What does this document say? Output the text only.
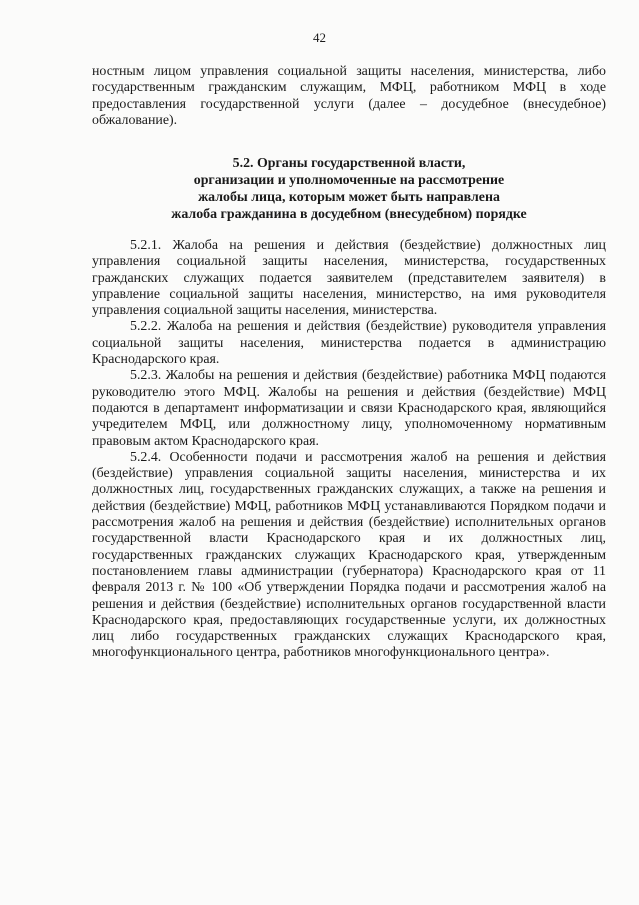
42

ностным лицом управления социальной защиты населения, министерства, либо государственным гражданским служащим, МФЦ, работником МФЦ в ходе предоставления государственной услуги (далее – досудебное (внесудебное) обжалование).

5.2. Органы государственной власти,
организации и уполномоченные на рассмотрение
жалобы лица, которым может быть направлена
жалоба гражданина в досудебном (внесудебном) порядке

5.2.1. Жалоба на решения и действия (бездействие) должностных лиц управления социальной защиты населения, министерства, государственных гражданских служащих подается заявителем (представителем заявителя) в управление социальной защиты населения, министерство, на имя руководителя управления социальной защиты населения, министерства.

5.2.2. Жалоба на решения и действия (бездействие) руководителя управления социальной защиты населения, министерства подается в администрацию Краснодарского края.

5.2.3. Жалобы на решения и действия (бездействие) работника МФЦ подаются руководителю этого МФЦ. Жалобы на решения и действия (бездействие) МФЦ подаются в департамент информатизации и связи Краснодарского края, являющийся учредителем МФЦ, или должностному лицу, уполномоченному нормативным правовым актом Краснодарского края.

5.2.4. Особенности подачи и рассмотрения жалоб на решения и действия (бездействие) управления социальной защиты населения, министерства и их должностных лиц, государственных гражданских служащих, а также на решения и действия (бездействие) МФЦ, работников МФЦ устанавливаются Порядком подачи и рассмотрения жалоб на решения и действия (бездействие) исполнительных органов государственной власти Краснодарского края и их должностных лиц, государственных гражданских служащих Краснодарского края, утвержденным постановлением главы администрации (губернатора) Краснодарского края от 11 февраля 2013 г. № 100 «Об утверждении Порядка подачи и рассмотрения жалоб на решения и действия (бездействие) исполнительных органов государственной власти Краснодарского края, предоставляющих государственные услуги, их должностных лиц либо государственных гражданских служащих Краснодарского края, многофункционального центра, работников многофункционального центра».
